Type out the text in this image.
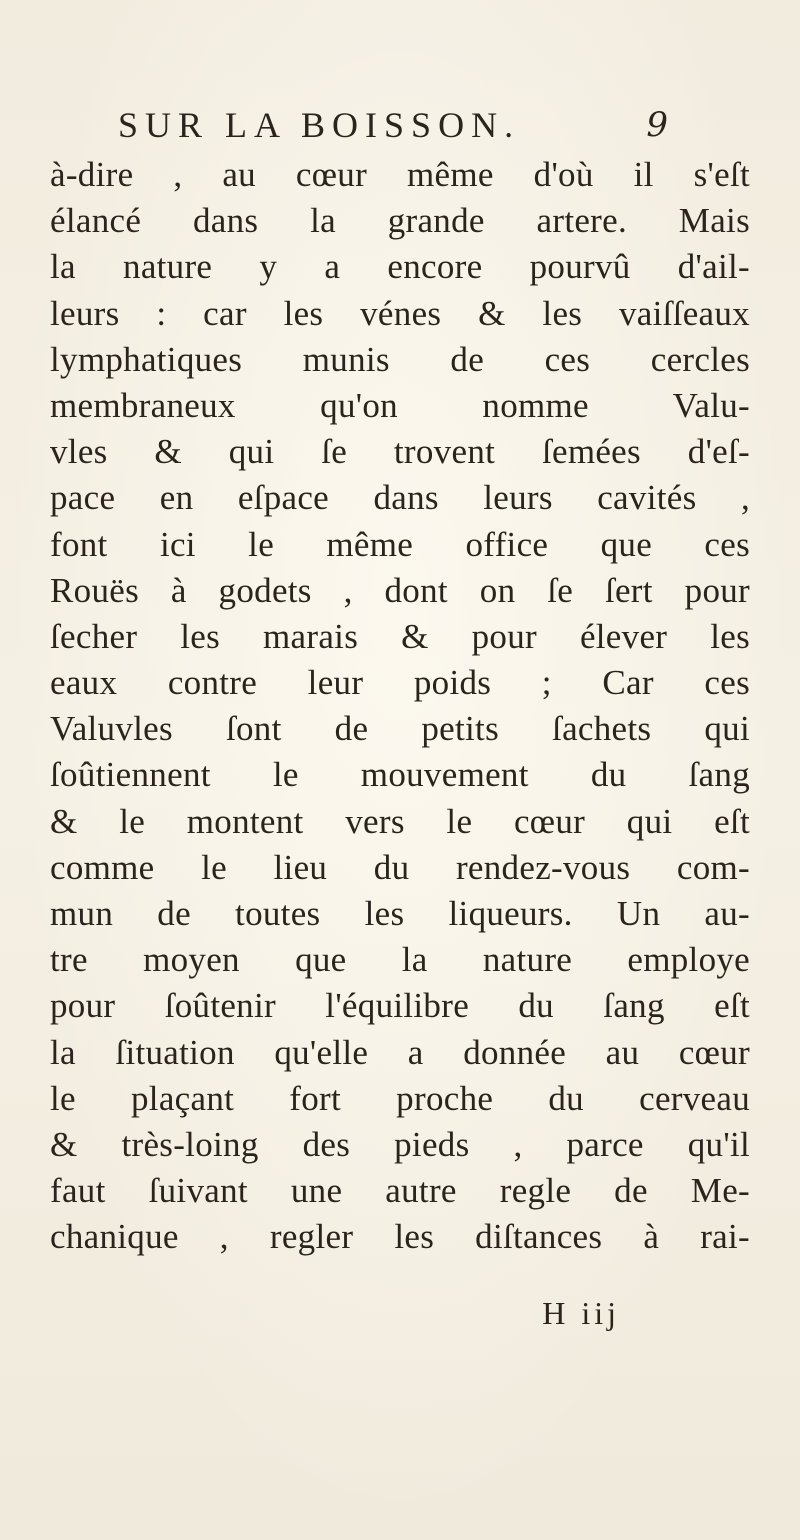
SUR LA BOISSON.	9
à-dire , au cœur même d'où il s'eſt
élancé dans la grande artere. Mais
la nature y a encore pourvû d'ail-
leurs : car les vénes & les vaiſſeaux
lymphatiques munis de ces cercles
membraneux qu'on nomme Valu-
vles & qui ſe trovent ſemées d'eſ-
pace en eſpace dans leurs cavités ,
font ici le même office que ces
Rouës à godets , dont on ſe ſert pour
ſecher les marais & pour élever les
eaux contre leur poids ; Car ces
Valuvles ſont de petits ſachets qui
ſoûtiennent le mouvement du ſang
& le montent vers le cœur qui eſt
comme le lieu du rendez-vous com-
mun de toutes les liqueurs. Un au-
tre moyen que la nature employe
pour ſoûtenir l'équilibre du ſang eſt
la ſituation qu'elle a donnée au cœur
le plaçant fort proche du cerveau
& très-loing des pieds , parce qu'il
faut ſuivant une autre regle de Me-
chanique , regler les diſtances à rai-
H iij
